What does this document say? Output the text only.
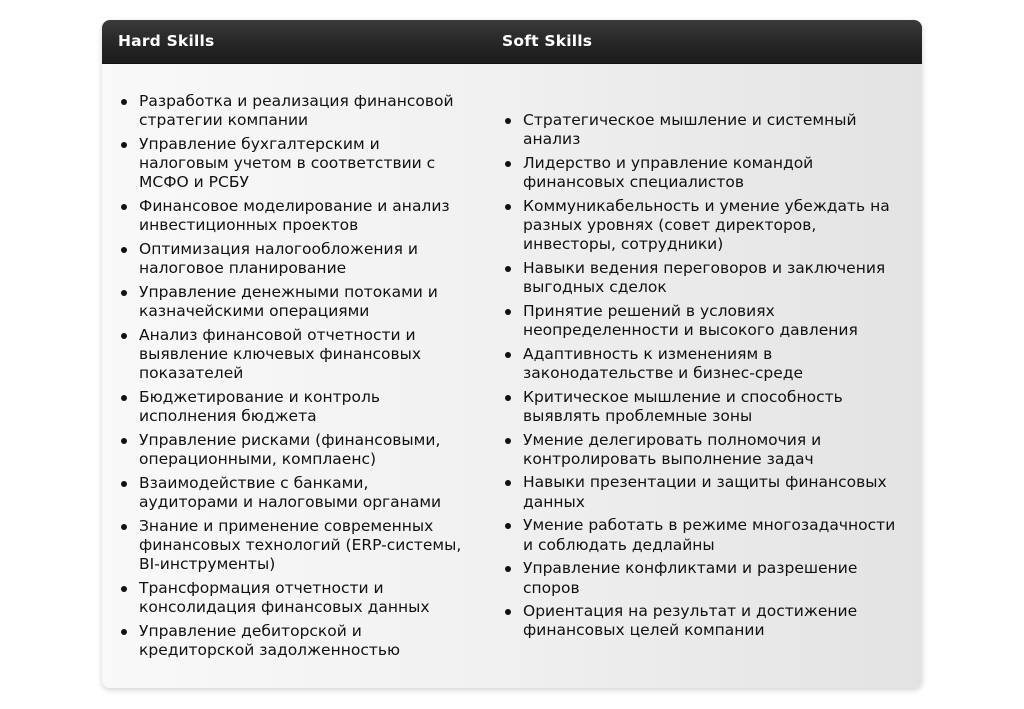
Hard Skills	Soft Skills
Разработка и реализация финансовой стратегии компании
Управление бухгалтерским и налоговым учетом в соответствии с МСФО и РСБУ
Финансовое моделирование и анализ инвестиционных проектов
Оптимизация налогообложения и налоговое планирование
Управление денежными потоками и казначейскими операциями
Анализ финансовой отчетности и выявление ключевых финансовых показателей
Бюджетирование и контроль исполнения бюджета
Управление рисками (финансовыми, операционными, комплаенс)
Взаимодействие с банками, аудиторами и налоговыми органами
Знание и применение современных финансовых технологий (ERP-системы, BI-инструменты)
Трансформация отчетности и консолидация финансовых данных
Управление дебиторской и кредиторской задолженностью
Стратегическое мышление и системный анализ
Лидерство и управление командой финансовых специалистов
Коммуникабельность и умение убеждать на разных уровнях (совет директоров, инвесторы, сотрудники)
Навыки ведения переговоров и заключения выгодных сделок
Принятие решений в условиях неопределенности и высокого давления
Адаптивность к изменениям в законодательстве и бизнес-среде
Критическое мышление и способность выявлять проблемные зоны
Умение делегировать полномочия и контролировать выполнение задач
Навыки презентации и защиты финансовых данных
Умение работать в режиме многозадачности и соблюдать дедлайны
Управление конфликтами и разрешение споров
Ориентация на результат и достижение финансовых целей компании
